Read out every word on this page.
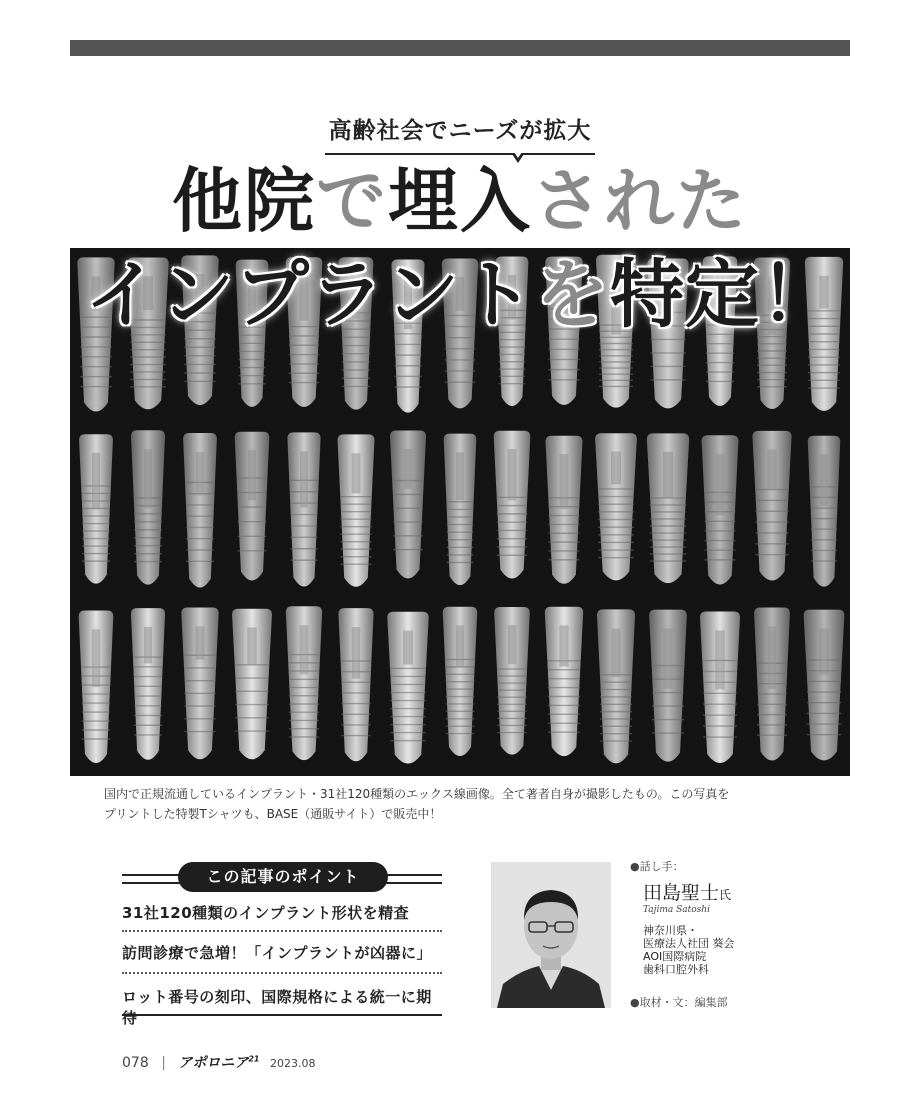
高齢社会でニーズが拡大
他院で埋入された
インプラントを特定！
国内で正規流通しているインプラント・31社120種類のエックス線画像。全て著者自身が撮影したもの。この写真を
プリントした特製Tシャツも、BASE（通販サイト）で販売中！
この記事のポイント
31社120種類のインプラント形状を精査
訪問診療で急増！「インプラントが凶器に」
ロット番号の刻印、国際規格による統一に期待
●話し手：
田島聖士氏
Tajima Satoshi
神奈川県・
医療法人社団 葵会
AOI国際病院
歯科口腔外科
●取材・文：編集部
078 | アポロニア$^{21}$ 2023.08
